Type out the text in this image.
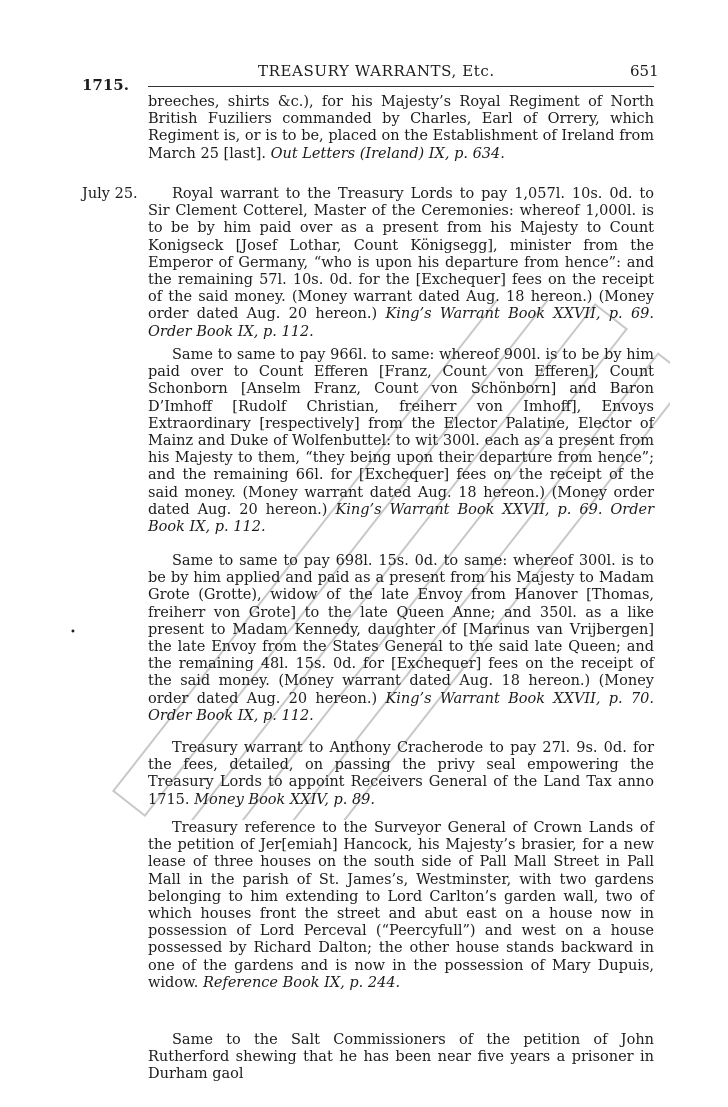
1715.
TREASURY WARRANTS, Etc.	651
July 25.
breeches, shirts &c.), for his Majesty’s Royal Regiment of North British Fuziliers commanded by Charles, Earl of Orrery, which Regiment is, or is to be, placed on the Establishment of Ireland from March 25 [last]. Out Letters (Ireland) IX, p. 634.
Royal warrant to the Treasury Lords to pay 1,057l. 10s. 0d. to Sir Clement Cotterel, Master of the Ceremonies: whereof 1,000l. is to be by him paid over as a present from his Majesty to Count Konigseck [Josef Lothar, Count Königsegg], minister from the Emperor of Germany, “who is upon his departure from hence”: and the remaining 57l. 10s. 0d. for the [Exchequer] fees on the receipt of the said money. (Money warrant dated Aug. 18 hereon.) (Money order dated Aug. 20 hereon.) King’s Warrant Book XXVII, p. 69. Order Book IX, p. 112.
Same to same to pay 966l. to same: whereof 900l. is to be by him paid over to Count Efferen [Franz, Count von Efferen], Count Schonborn [Anselm Franz, Count von Schönborn] and Baron D’Imhoff [Rudolf Christian, freiherr von Imhoff], Envoys Extraordinary [respectively] from the Elector Palatine, Elector of Mainz and Duke of Wolfenbuttel: to wit 300l. each as a present from his Majesty to them, “they being upon their departure from hence”; and the remaining 66l. for [Exchequer] fees on the receipt of the said money. (Money warrant dated Aug. 18 hereon.) (Money order dated Aug. 20 hereon.) King’s Warrant Book XXVII, p. 69. Order Book IX, p. 112.
Same to same to pay 698l. 15s. 0d. to same: whereof 300l. is to be by him applied and paid as a present from his Majesty to Madam Grote (Grotte), widow of the late Envoy from Hanover [Thomas, freiherr von Grote] to the late Queen Anne; and 350l. as a like present to Madam Kennedy, daughter of [Marinus van Vrijbergen] the late Envoy from the States General to the said late Queen; and the remaining 48l. 15s. 0d. for [Exchequer] fees on the receipt of the said money. (Money warrant dated Aug. 18 hereon.) (Money order dated Aug. 20 hereon.) King’s Warrant Book XXVII, p. 70. Order Book IX, p. 112.
Treasury warrant to Anthony Cracherode to pay 27l. 9s. 0d. for the fees, detailed, on passing the privy seal empowering the Treasury Lords to appoint Receivers General of the Land Tax anno 1715. Money Book XXIV, p. 89.
Treasury reference to the Surveyor General of Crown Lands of the petition of Jer[emiah] Hancock, his Majesty’s brasier, for a new lease of three houses on the south side of Pall Mall Street in Pall Mall in the parish of St. James’s, Westminster, with two gardens belonging to him extending to Lord Carlton’s garden wall, two of which houses front the street and abut east on a house now in possession of Lord Perceval (“Peercyfull”) and west on a house possessed by Richard Dalton; the other house stands backward in one of the gardens and is now in the possession of Mary Dupuis, widow. Reference Book IX, p. 244.
Same to the Salt Commissioners of the petition of John Rutherford shewing that he has been near five years a prisoner in Durham gaol
•
